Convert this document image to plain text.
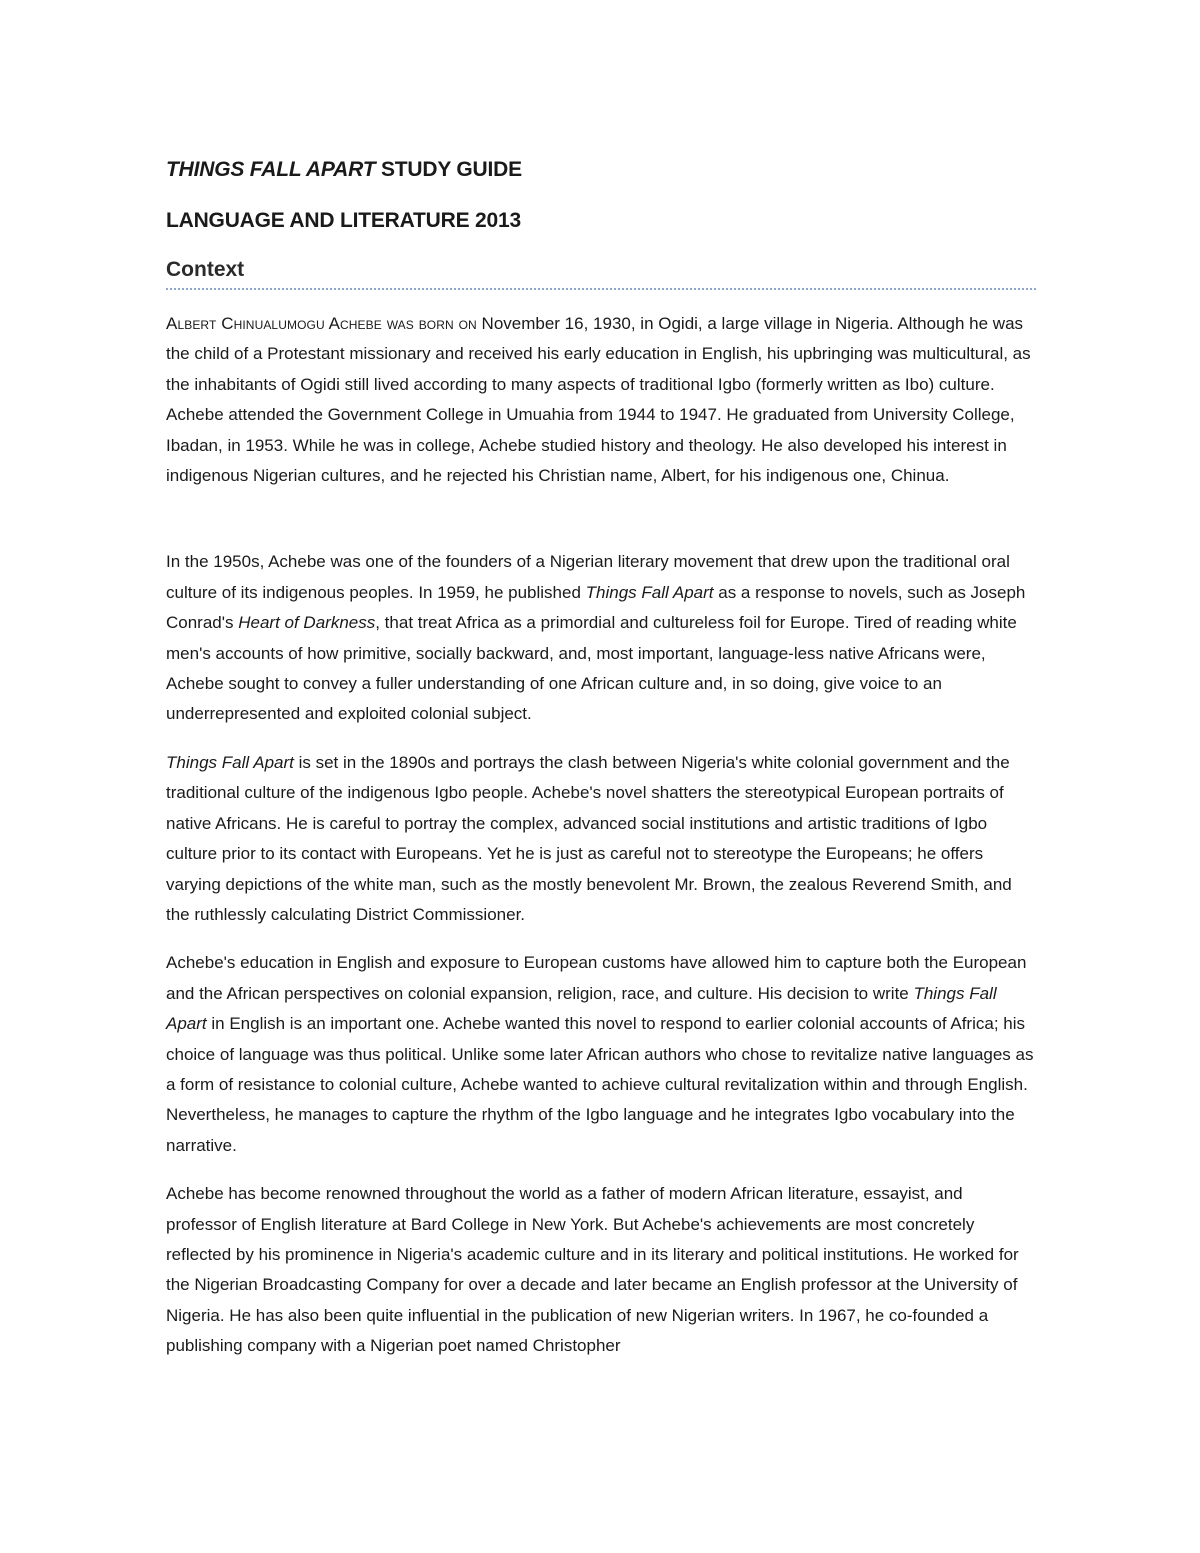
THINGS FALL APART STUDY GUIDE
LANGUAGE AND LITERATURE 2013
Context

Albert Chinualumogu Achebe was born on November 16, 1930, in Ogidi, a large village in Nigeria. Although he was the child of a Protestant missionary and received his early education in English, his upbringing was multicultural, as the inhabitants of Ogidi still lived according to many aspects of traditional Igbo (formerly written as Ibo) culture. Achebe attended the Government College in Umuahia from 1944 to 1947. He graduated from University College, Ibadan, in 1953. While he was in college, Achebe studied history and theology. He also developed his interest in indigenous Nigerian cultures, and he rejected his Christian name, Albert, for his indigenous one, Chinua.

In the 1950s, Achebe was one of the founders of a Nigerian literary movement that drew upon the traditional oral culture of its indigenous peoples. In 1959, he published Things Fall Apart as a response to novels, such as Joseph Conrad's Heart of Darkness, that treat Africa as a primordial and cultureless foil for Europe. Tired of reading white men's accounts of how primitive, socially backward, and, most important, language-less native Africans were, Achebe sought to convey a fuller understanding of one African culture and, in so doing, give voice to an underrepresented and exploited colonial subject.

Things Fall Apart is set in the 1890s and portrays the clash between Nigeria's white colonial government and the traditional culture of the indigenous Igbo people. Achebe's novel shatters the stereotypical European portraits of native Africans. He is careful to portray the complex, advanced social institutions and artistic traditions of Igbo culture prior to its contact with Europeans. Yet he is just as careful not to stereotype the Europeans; he offers varying depictions of the white man, such as the mostly benevolent Mr. Brown, the zealous Reverend Smith, and the ruthlessly calculating District Commissioner.

Achebe's education in English and exposure to European customs have allowed him to capture both the European and the African perspectives on colonial expansion, religion, race, and culture. His decision to write Things Fall Apart in English is an important one. Achebe wanted this novel to respond to earlier colonial accounts of Africa; his choice of language was thus political. Unlike some later African authors who chose to revitalize native languages as a form of resistance to colonial culture, Achebe wanted to achieve cultural revitalization within and through English. Nevertheless, he manages to capture the rhythm of the Igbo language and he integrates Igbo vocabulary into the narrative.

Achebe has become renowned throughout the world as a father of modern African literature, essayist, and professor of English literature at Bard College in New York. But Achebe's achievements are most concretely reflected by his prominence in Nigeria's academic culture and in its literary and political institutions. He worked for the Nigerian Broadcasting Company for over a decade and later became an English professor at the University of Nigeria. He has also been quite influential in the publication of new Nigerian writers. In 1967, he co-founded a publishing company with a Nigerian poet named Christopher
